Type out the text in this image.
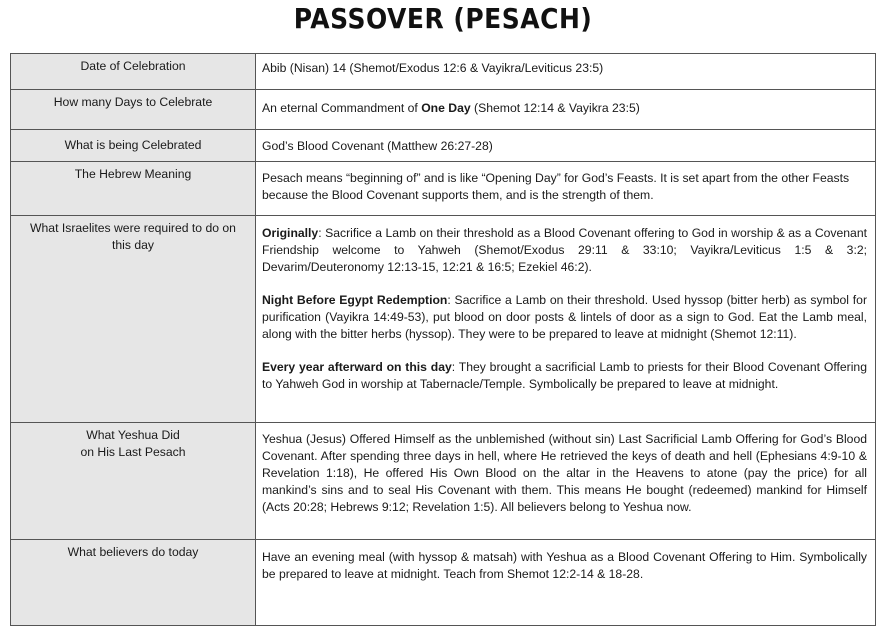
PASSOVER (PESACH)
Date of Celebration	Abib (Nisan) 14 (Shemot/Exodus 12:6 & Vayikra/Leviticus 23:5)
How many Days to Celebrate	An eternal Commandment of One Day (Shemot 12:14 & Vayikra 23:5)
What is being Celebrated	God’s Blood Covenant (Matthew 26:27-28)
The Hebrew Meaning	Pesach means “beginning of” and is like “Opening Day” for God’s Feasts. It is set apart from the other Feasts because the Blood Covenant supports them, and is the strength of them.
What Israelites were required to do on this day	Originally: Sacrifice a Lamb on their threshold as a Blood Covenant offering to God in worship & as a Covenant Friendship welcome to Yahweh (Shemot/Exodus 29:11 & 33:10; Vayikra/Leviticus 1:5 & 3:2; Devarim/Deuteronomy 12:13-15, 12:21 & 16:5; Ezekiel 46:2).
Night Before Egypt Redemption: Sacrifice a Lamb on their threshold. Used hyssop (bitter herb) as symbol for purification (Vayikra 14:49-53), put blood on door posts & lintels of door as a sign to God. Eat the Lamb meal, along with the bitter herbs (hyssop). They were to be prepared to leave at midnight (Shemot 12:11).
Every year afterward on this day: They brought a sacrificial Lamb to priests for their Blood Covenant Offering to Yahweh God in worship at Tabernacle/Temple. Symbolically be prepared to leave at midnight.

What Yeshua Did
on His Last Pesach	Yeshua (Jesus) Offered Himself as the unblemished (without sin) Last Sacrificial Lamb Offering for God’s Blood Covenant. After spending three days in hell, where He retrieved the keys of death and hell (Ephesians 4:9-10 & Revelation 1:18), He offered His Own Blood on the altar in the Heavens to atone (pay the price) for all mankind’s sins and to seal His Covenant with them. This means He bought (redeemed) mankind for Himself (Acts 20:28; Hebrews 9:12; Revelation 1:5). All believers belong to Yeshua now.
What believers do today	Have an evening meal (with hyssop & matsah) with Yeshua as a Blood Covenant Offering to Him. Symbolically be prepared to leave at midnight. Teach from Shemot 12:2-14 & 18-28.
